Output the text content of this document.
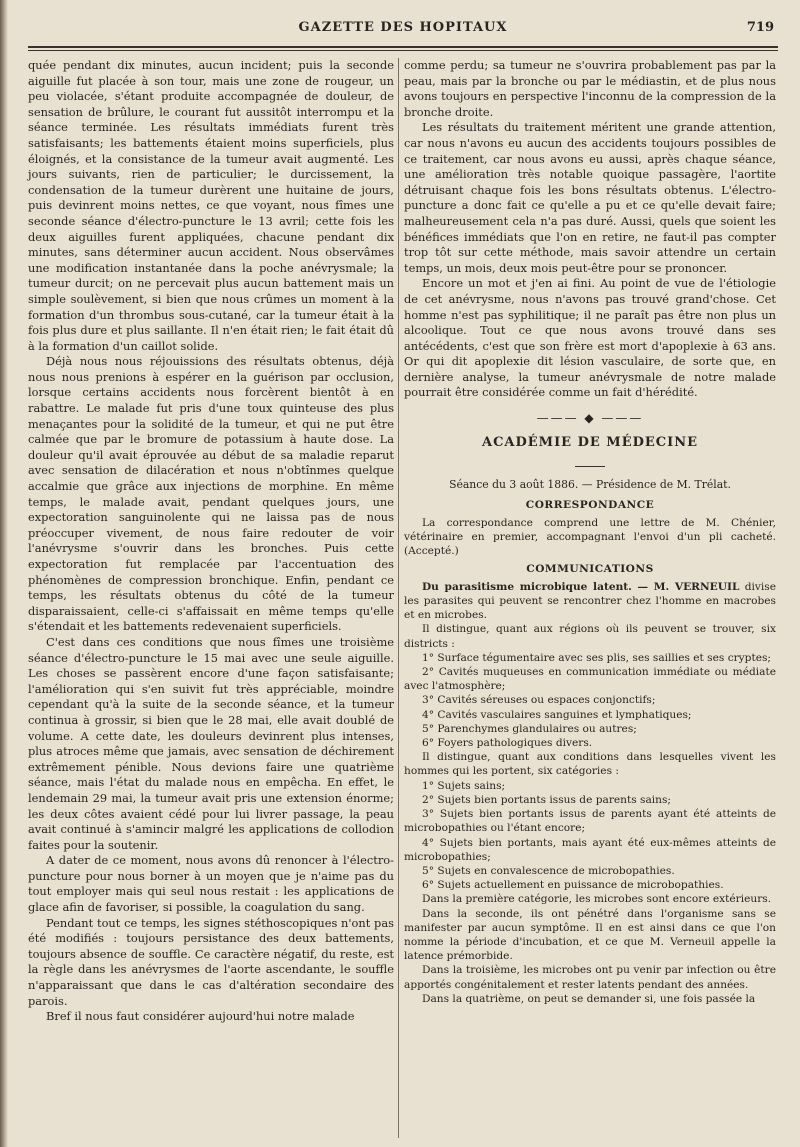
GAZETTE DES HOPITAUX	719

quée pendant dix minutes, aucun incident; puis la seconde aiguille fut placée à son tour, mais une zone de rougeur, un peu violacée, s'étant produite accompagnée de douleur, de sensation de brûlure, le courant fut aussitôt interrompu et la séance terminée. Les résultats immédiats furent très satisfaisants; les battements étaient moins superficiels, plus éloignés, et la consistance de la tumeur avait augmenté. Les jours suivants, rien de particulier; le durcissement, la condensation de la tumeur durèrent une huitaine de jours, puis devinrent moins nettes, ce que voyant, nous fîmes une seconde séance d'électro-puncture le 13 avril; cette fois les deux aiguilles furent appliquées, chacune pendant dix minutes, sans déterminer aucun accident. Nous observâmes une modification instantanée dans la poche anévrysmale; la tumeur durcit; on ne percevait plus aucun battement mais un simple soulèvement, si bien que nous crûmes un moment à la formation d'un thrombus sous-cutané, car la tumeur était à la fois plus dure et plus saillante. Il n'en était rien; le fait était dû à la formation d'un caillot solide.

Déjà nous nous réjouissions des résultats obtenus, déjà nous nous prenions à espérer en la guérison par occlusion, lorsque certains accidents nous forcèrent bientôt à en rabattre. Le malade fut pris d'une toux quinteuse des plus menaçantes pour la solidité de la tumeur, et qui ne put être calmée que par le bromure de potassium à haute dose. La douleur qu'il avait éprouvée au début de sa maladie reparut avec sensation de dilacération et nous n'obtînmes quelque accalmie que grâce aux injections de morphine. En même temps, le malade avait, pendant quelques jours, une expectoration sanguinolente qui ne laissa pas de nous préoccuper vivement, de nous faire redouter de voir l'anévrysme s'ouvrir dans les bronches. Puis cette expectoration fut remplacée par l'accentuation des phénomènes de compression bronchique. Enfin, pendant ce temps, les résultats obtenus du côté de la tumeur disparaissaient, celle-ci s'affaissait en même temps qu'elle s'étendait et les battements redevenaient superficiels.

C'est dans ces conditions que nous fîmes une troisième séance d'électro-puncture le 15 mai avec une seule aiguille. Les choses se passèrent encore d'une façon satisfaisante; l'amélioration qui s'en suivit fut très appréciable, moindre cependant qu'à la suite de la seconde séance, et la tumeur continua à grossir, si bien que le 28 mai, elle avait doublé de volume. A cette date, les douleurs devinrent plus intenses, plus atroces même que jamais, avec sensation de déchirement extrêmement pénible. Nous devions faire une quatrième séance, mais l'état du malade nous en empêcha. En effet, le lendemain 29 mai, la tumeur avait pris une extension énorme; les deux côtes avaient cédé pour lui livrer passage, la peau avait continué à s'amincir malgré les applications de collodion faites pour la soutenir.

A dater de ce moment, nous avons dû renoncer à l'électro-puncture pour nous borner à un moyen que je n'aime pas du tout employer mais qui seul nous restait : les applications de glace afin de favoriser, si possible, la coagulation du sang.

Pendant tout ce temps, les signes stéthoscopiques n'ont pas été modifiés : toujours persistance des deux battements, toujours absence de souffle. Ce caractère négatif, du reste, est la règle dans les anévrysmes de l'aorte ascendante, le souffle n'apparaissant que dans le cas d'altération secondaire des parois.

Bref il nous faut considérer aujourd'hui notre malade

comme perdu; sa tumeur ne s'ouvrira probablement pas par la peau, mais par la bronche ou par le médiastin, et de plus nous avons toujours en perspective l'inconnu de la compression de la bronche droite.

Les résultats du traitement méritent une grande attention, car nous n'avons eu aucun des accidents toujours possibles de ce traitement, car nous avons eu aussi, après chaque séance, une amélioration très notable quoique passagère, l'aortite détruisant chaque fois les bons résultats obtenus. L'électro-puncture a donc fait ce qu'elle a pu et ce qu'elle devait faire; malheureusement cela n'a pas duré. Aussi, quels que soient les bénéfices immédiats que l'on en retire, ne faut-il pas compter trop tôt sur cette méthode, mais savoir attendre un certain temps, un mois, deux mois peut-être pour se prononcer.

Encore un mot et j'en ai fini. Au point de vue de l'étiologie de cet anévrysme, nous n'avons pas trouvé grand'chose. Cet homme n'est pas syphilitique; il ne paraît pas être non plus un alcoolique. Tout ce que nous avons trouvé dans ses antécédents, c'est que son frère est mort d'apoplexie à 63 ans. Or qui dit apoplexie dit lésion vasculaire, de sorte que, en dernière analyse, la tumeur anévrysmale de notre malade pourrait être considérée comme un fait d'hérédité.

——— ◆ ———
ACADÉMIE DE MÉDECINE
Séance du 3 août 1886. — Présidence de M. Trélat.
CORRESPONDANCE

La correspondance comprend une lettre de M. Chénier, vétérinaire en premier, accompagnant l'envoi d'un pli cacheté. (Accepté.)

COMMUNICATIONS

Du parasitisme microbique latent. — M. VERNEUIL divise les parasites qui peuvent se rencontrer chez l'homme en macrobes et en microbes.

Il distingue, quant aux régions où ils peuvent se trouver, six districts :

1° Surface tégumentaire avec ses plis, ses saillies et ses cryptes;

2° Cavités muqueuses en communication immédiate ou médiate avec l'atmosphère;

3° Cavités séreuses ou espaces conjonctifs;

4° Cavités vasculaires sanguines et lymphatiques;

5° Parenchymes glandulaires ou autres;

6° Foyers pathologiques divers.

Il distingue, quant aux conditions dans lesquelles vivent les hommes qui les portent, six catégories :

1° Sujets sains;

2° Sujets bien portants issus de parents sains;

3° Sujets bien portants issus de parents ayant été atteints de microbopathies ou l'étant encore;

4° Sujets bien portants, mais ayant été eux-mêmes atteints de microbopathies;

5° Sujets en convalescence de microbopathies.

6° Sujets actuellement en puissance de microbopathies.

Dans la première catégorie, les microbes sont encore extérieurs.

Dans la seconde, ils ont pénétré dans l'organisme sans se manifester par aucun symptôme. Il en est ainsi dans ce que l'on nomme la période d'incubation, et ce que M. Verneuil appelle la latence prémorbide.

Dans la troisième, les microbes ont pu venir par infection ou être apportés congénitalement et rester latents pendant des années.

Dans la quatrième, on peut se demander si, une fois passée la
